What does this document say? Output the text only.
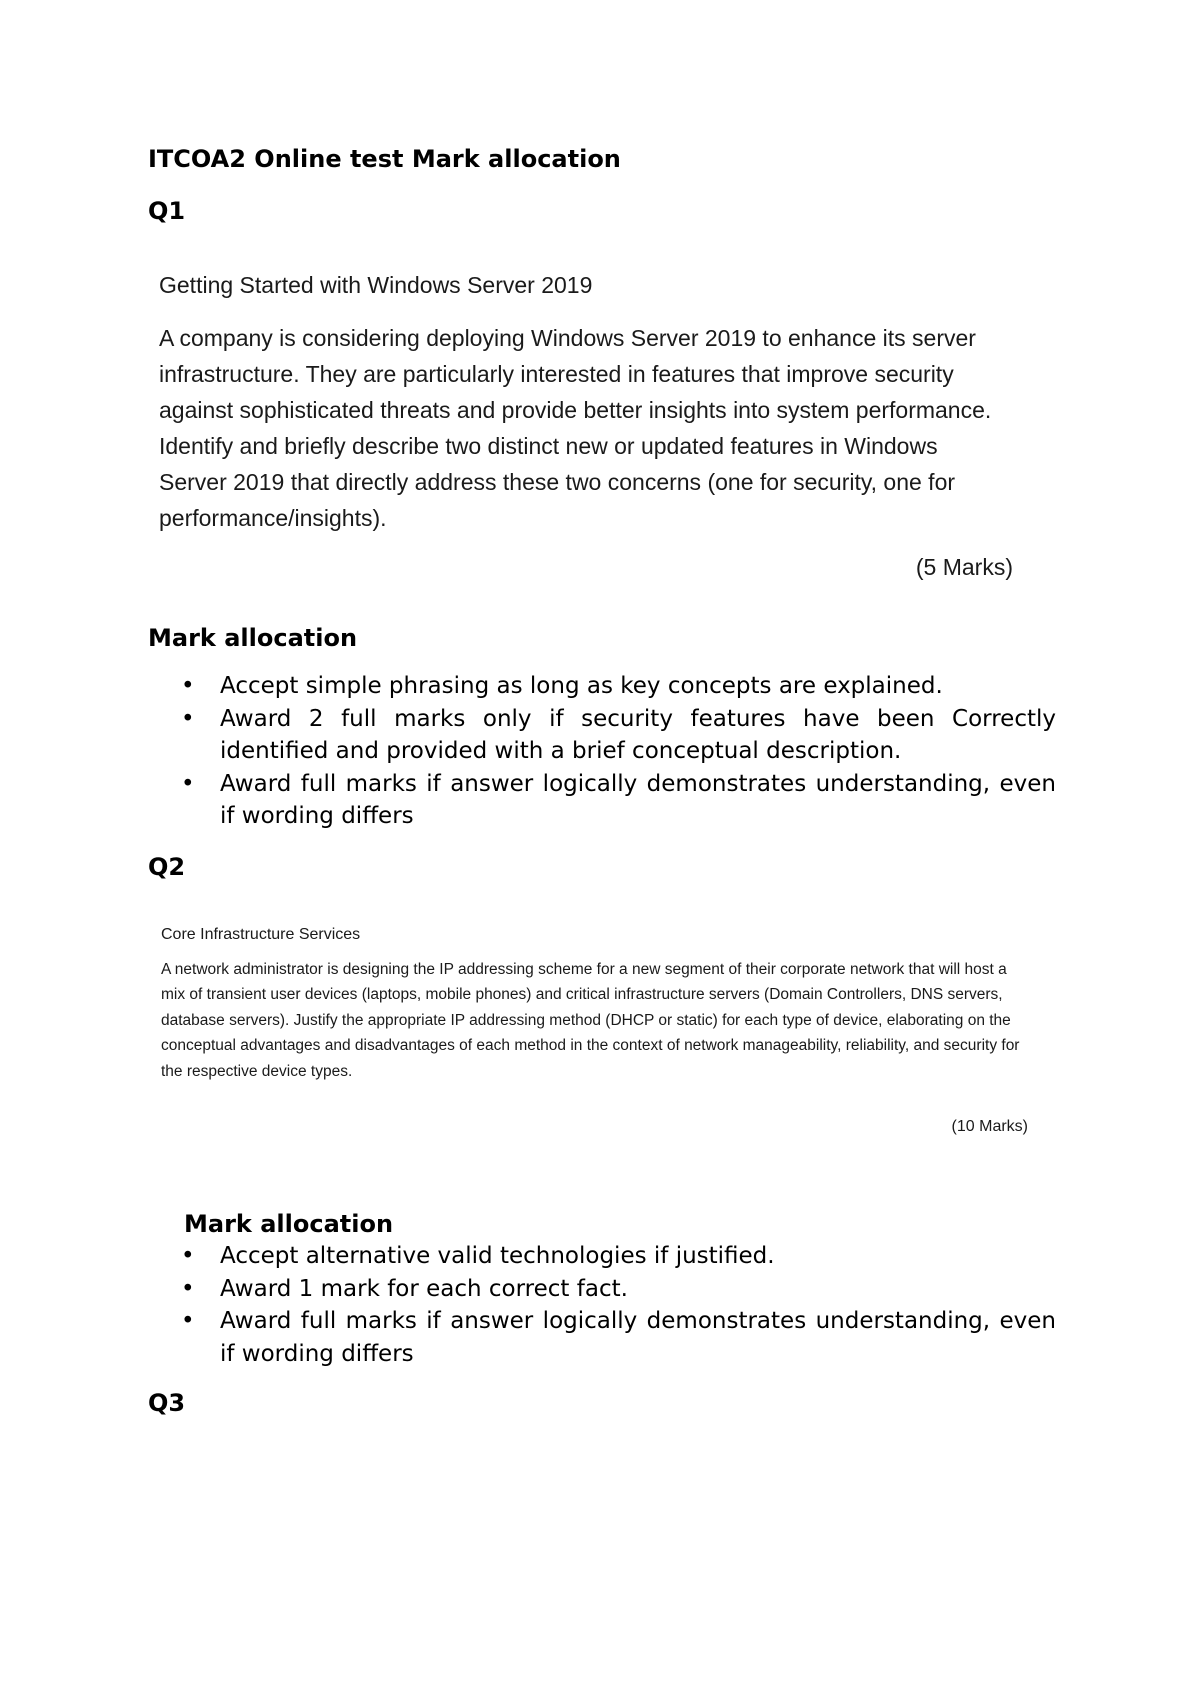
ITCOA2 Online test Mark allocation
Q1
Getting Started with Windows Server 2019
A company is considering deploying Windows Server 2019 to enhance its server infrastructure. They are particularly interested in features that improve security against sophisticated threats and provide better insights into system performance. Identify and briefly describe two distinct new or updated features in Windows Server 2019 that directly address these two concerns (one for security, one for performance/insights).
(5 Marks)
Mark allocation
• Accept simple phrasing as long as key concepts are explained.
• Award 2 full marks only if security features have been Correctly identified and provided with a brief conceptual description.
• Award full marks if answer logically demonstrates understanding, even if wording differs
Q2
Core Infrastructure Services
A network administrator is designing the IP addressing scheme for a new segment of their corporate network that will host a mix of transient user devices (laptops, mobile phones) and critical infrastructure servers (Domain Controllers, DNS servers, database servers). Justify the appropriate IP addressing method (DHCP or static) for each type of device, elaborating on the conceptual advantages and disadvantages of each method in the context of network manageability, reliability, and security for the respective device types.
(10 Marks)
Mark allocation
• Accept alternative valid technologies if justified.
• Award 1 mark for each correct fact.
• Award full marks if answer logically demonstrates understanding, even if wording differs
Q3
